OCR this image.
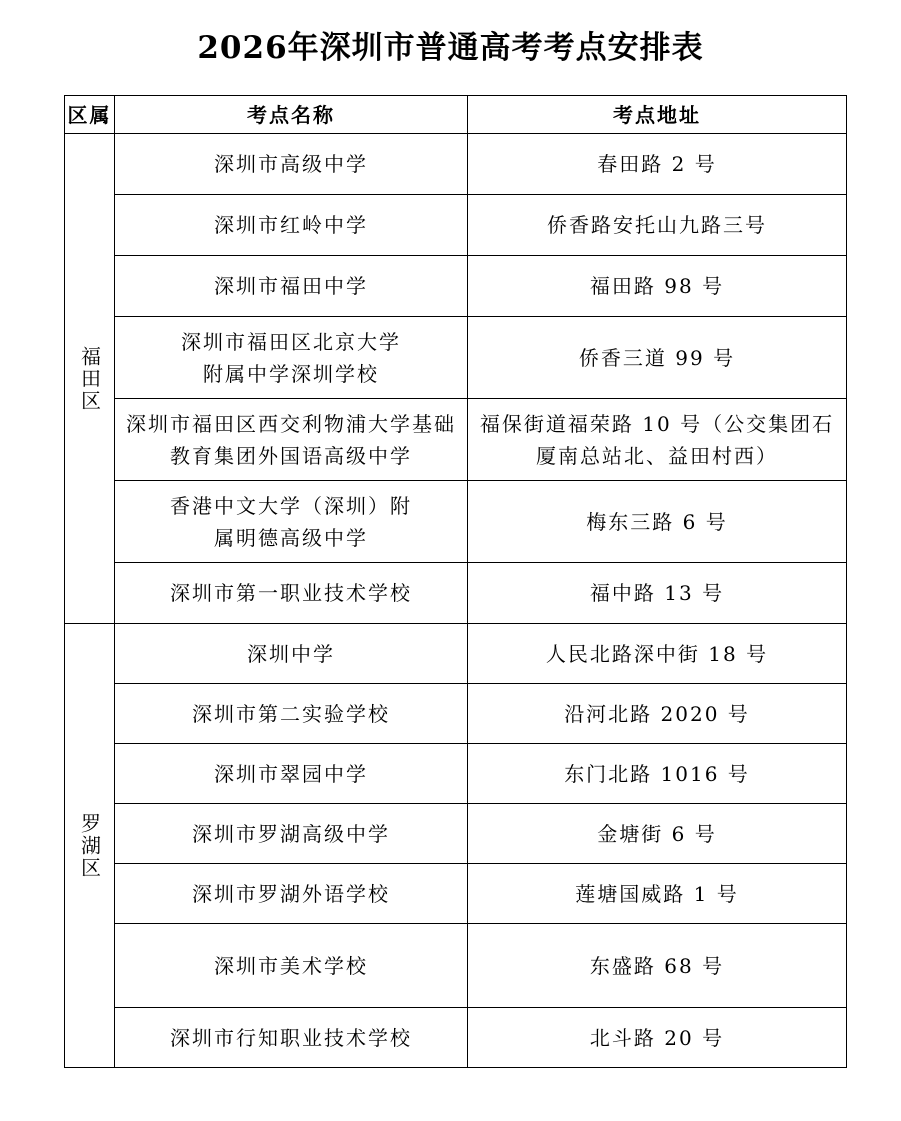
2026年深圳市普通高考考点安排表
区属	考点名称	考点地址
福田区	深圳市高级中学	春田路 2 号
	深圳市红岭中学	侨香路安托山九路三号
	深圳市福田中学	福田路 98 号
	深圳市福田区北京大学附属中学深圳学校	侨香三道 99 号
	深圳市福田区西交利物浦大学基础教育集团外国语高级中学	福保街道福荣路 10 号（公交集团石厦南总站北、益田村西）
	香港中文大学（深圳）附属明德高级中学	梅东三路 6 号
	深圳市第一职业技术学校	福中路 13 号
罗湖区	深圳中学	人民北路深中街 18 号
	深圳市第二实验学校	沿河北路 2020 号
	深圳市翠园中学	东门北路 1016 号
	深圳市罗湖高级中学	金塘街 6 号
	深圳市罗湖外语学校	莲塘国威路 1 号
	深圳市美术学校	东盛路 68 号
	深圳市行知职业技术学校	北斗路 20 号
